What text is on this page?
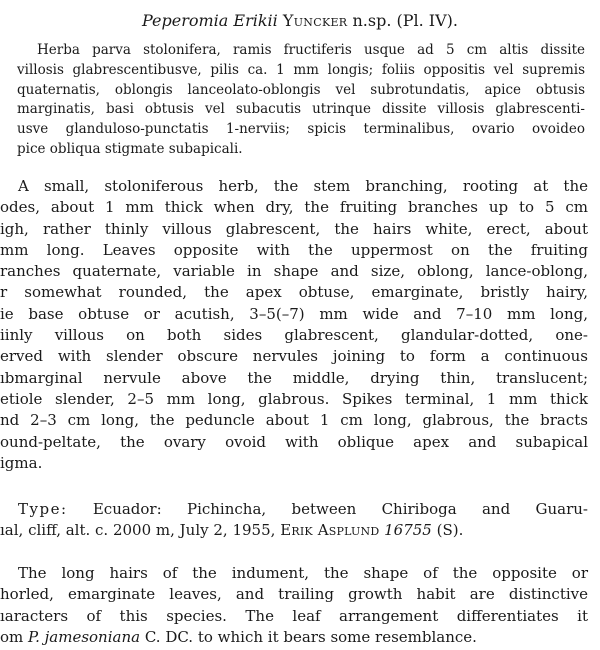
Peperomia Erikii Yuncker n.sp. (Pl. IV).
Herba parva stolonifera, ramis fructiferis usque ad 5 cm altis dissite
villosis glabrescentibusve, pilis ca. 1 mm longis; foliis oppositis vel supremis
quaternatis, oblongis lanceolato-oblongis vel subrotundatis, apice obtusis
marginatis, basi obtusis vel subacutis utrinque dissite villosis glabrescenti-
usve glanduloso-punctatis 1-nerviis; spicis terminalibus, ovario ovoideo
pice obliqua stigmate subapicali.
A small, stoloniferous herb, the stem branching, rooting at the
odes, about 1 mm thick when dry, the fruiting branches up to 5 cm
igh, rather thinly villous glabrescent, the hairs white, erect, about
mm long. Leaves opposite with the uppermost on the fruiting
ranches quaternate, variable in shape and size, oblong, lance-oblong,
r somewhat rounded, the apex obtuse, emarginate, bristly hairy,
ie base obtuse or acutish, 3–5(–7) mm wide and 7–10 mm long,
iinly villous on both sides glabrescent, glandular-dotted, one-
erved with slender obscure nervules joining to form a continuous
ıbmarginal nervule above the middle, drying thin, translucent;
etiole slender, 2–5 mm long, glabrous. Spikes terminal, 1 mm thick
nd 2–3 cm long, the peduncle about 1 cm long, glabrous, the bracts
ound-peltate, the ovary ovoid with oblique apex and subapical
igma.
Type: Ecuador: Pichincha, between Chiriboga and Guaru-
ıal, cliff, alt. c. 2000 m, July 2, 1955, Erik Asplund 16755 (S).
The long hairs of the indument, the shape of the opposite or
horled, emarginate leaves, and trailing growth habit are distinctive
ıaracters of this species. The leaf arrangement differentiates it
om P. jamesoniana C. DC. to which it bears some resemblance.
